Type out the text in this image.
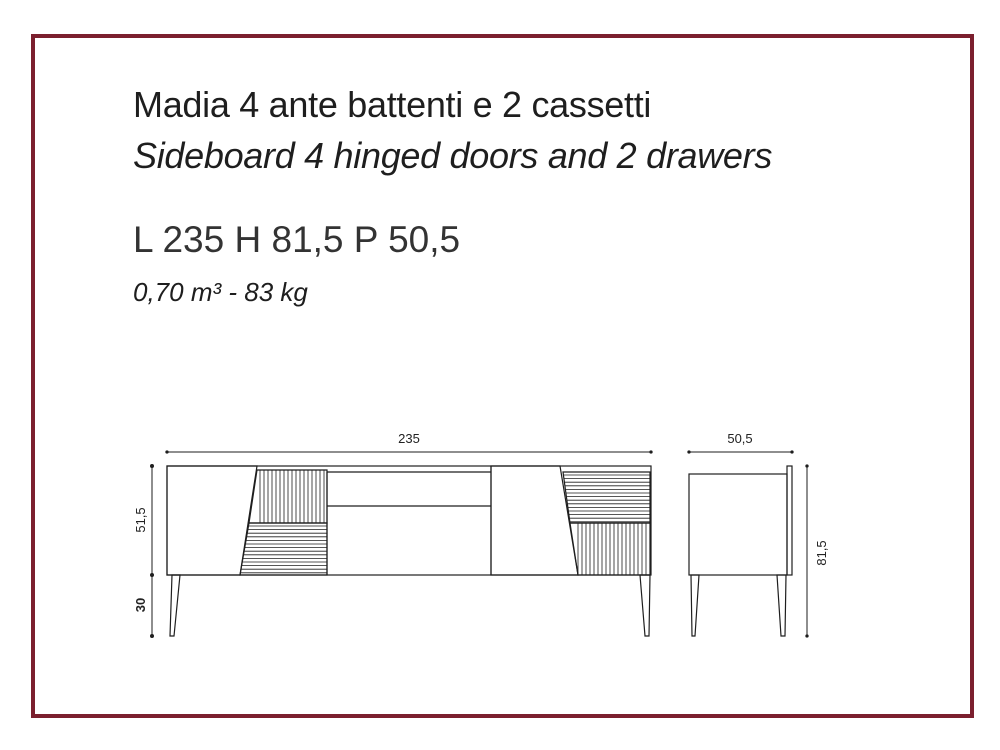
Madia 4 ante battenti e 2 cassetti
Sideboard 4 hinged doors and 2 drawers
L 235 H 81,5 P 50,5
0,70 m³ - 83 kg
235
51,5
30
50,5
81,5
